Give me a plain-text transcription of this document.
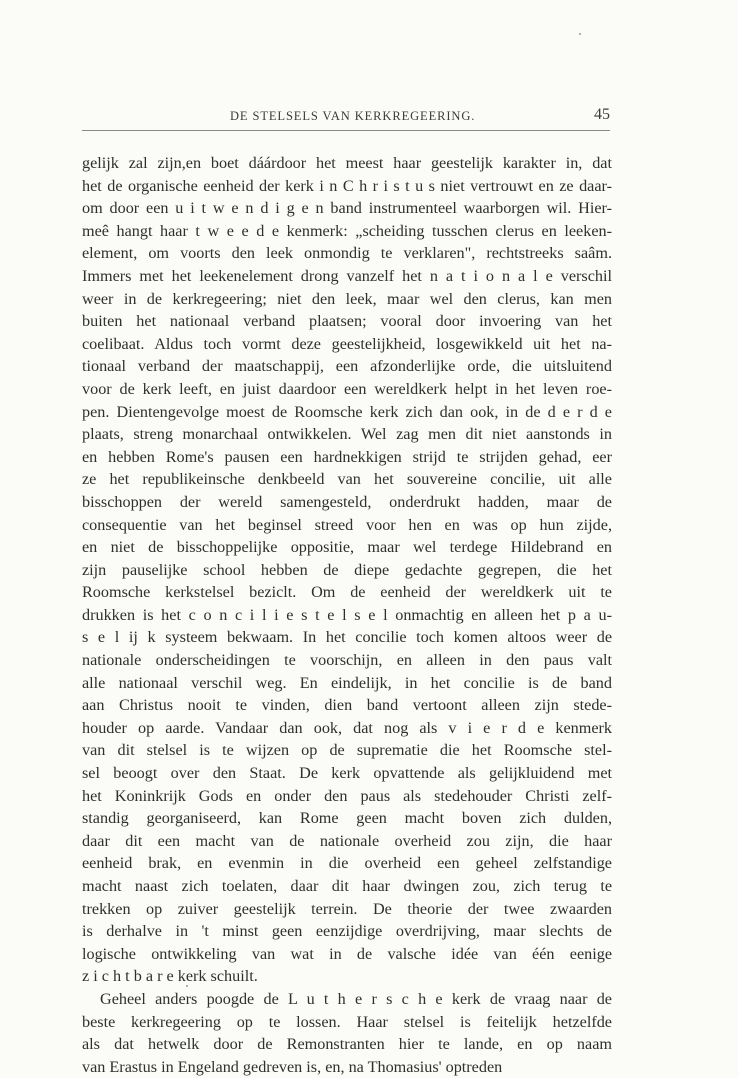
DE STELSELS VAN KERKREGEERING.	45
gelijk zal zijn,en boet dáárdoor het meest haar geestelijk karakter in, dat
het de organische eenheid der kerk i n C h r i s t u s niet vertrouwt en ze daar-
om door een u i t w e n d i g e n band instrumenteel waarborgen wil. Hier-
meê hangt haar t w e e d e kenmerk: „scheiding tusschen clerus en leeken-
element, om voorts den leek onmondig te verklaren", rechtstreeks saâm.
Immers met het leekenelement drong vanzelf het n a t i o n a l e verschil
weer in de kerkregeering; niet den leek, maar wel den clerus, kan men
buiten het nationaal verband plaatsen; vooral door invoering van het
coelibaat. Aldus toch vormt deze geestelijkheid, losgewikkeld uit het na-
tionaal verband der maatschappij, een afzonderlijke orde, die uitsluitend
voor de kerk leeft, en juist daardoor een wereldkerk helpt in het leven roe-
pen. Dientengevolge moest de Roomsche kerk zich dan ook, in de d e r d e
plaats, streng monarchaal ontwikkelen. Wel zag men dit niet aanstonds in
en hebben Rome's pausen een hardnekkigen strijd te strijden gehad, eer
ze het republikeinsche denkbeeld van het souvereine concilie, uit alle
bisschoppen der wereld samengesteld, onderdrukt hadden, maar de
consequentie van het beginsel streed voor hen en was op hun zijde,
en niet de bisschoppelijke oppositie, maar wel terdege Hildebrand en
zijn pauselijke school hebben de diepe gedachte gegrepen, die het
Roomsche kerkstelsel beziclt. Om de eenheid der wereldkerk uit te
drukken is het c o n c i l i e s t e l s e l onmachtig en alleen het p a u-
s e l ij k systeem bekwaam. In het concilie toch komen altoos weer de
nationale onderscheidingen te voorschijn, en alleen in den paus valt
alle nationaal verschil weg. En eindelijk, in het concilie is de band
aan Christus nooit te vinden, dien band vertoont alleen zijn stede-
houder op aarde. Vandaar dan ook, dat nog als v i e r d e kenmerk
van dit stelsel is te wijzen op de suprematie die het Roomsche stel-
sel beoogt over den Staat. De kerk opvattende als gelijkluidend met
het Koninkrijk Gods en onder den paus als stedehouder Christi zelf-
standig georganiseerd, kan Rome geen macht boven zich dulden,
daar dit een macht van de nationale overheid zou zijn, die haar
eenheid brak, en evenmin in die overheid een geheel zelfstandige
macht naast zich toelaten, daar dit haar dwingen zou, zich terug te
trekken op zuiver geestelijk terrein. De theorie der twee zwaarden
is derhalve in 't minst geen eenzijdige overdrijving, maar slechts de
logische ontwikkeling van wat in de valsche idée van één eenige
z i c h t b a r e kerk schuilt.
Geheel anders poogde de L u t h e r s c h e kerk de vraag naar de
beste kerkregeering op te lossen. Haar stelsel is feitelijk hetzelfde
als dat hetwelk door de Remonstranten hier te lande, en op naam
van Erastus in Engeland gedreven is, en, na Thomasius' optreden
